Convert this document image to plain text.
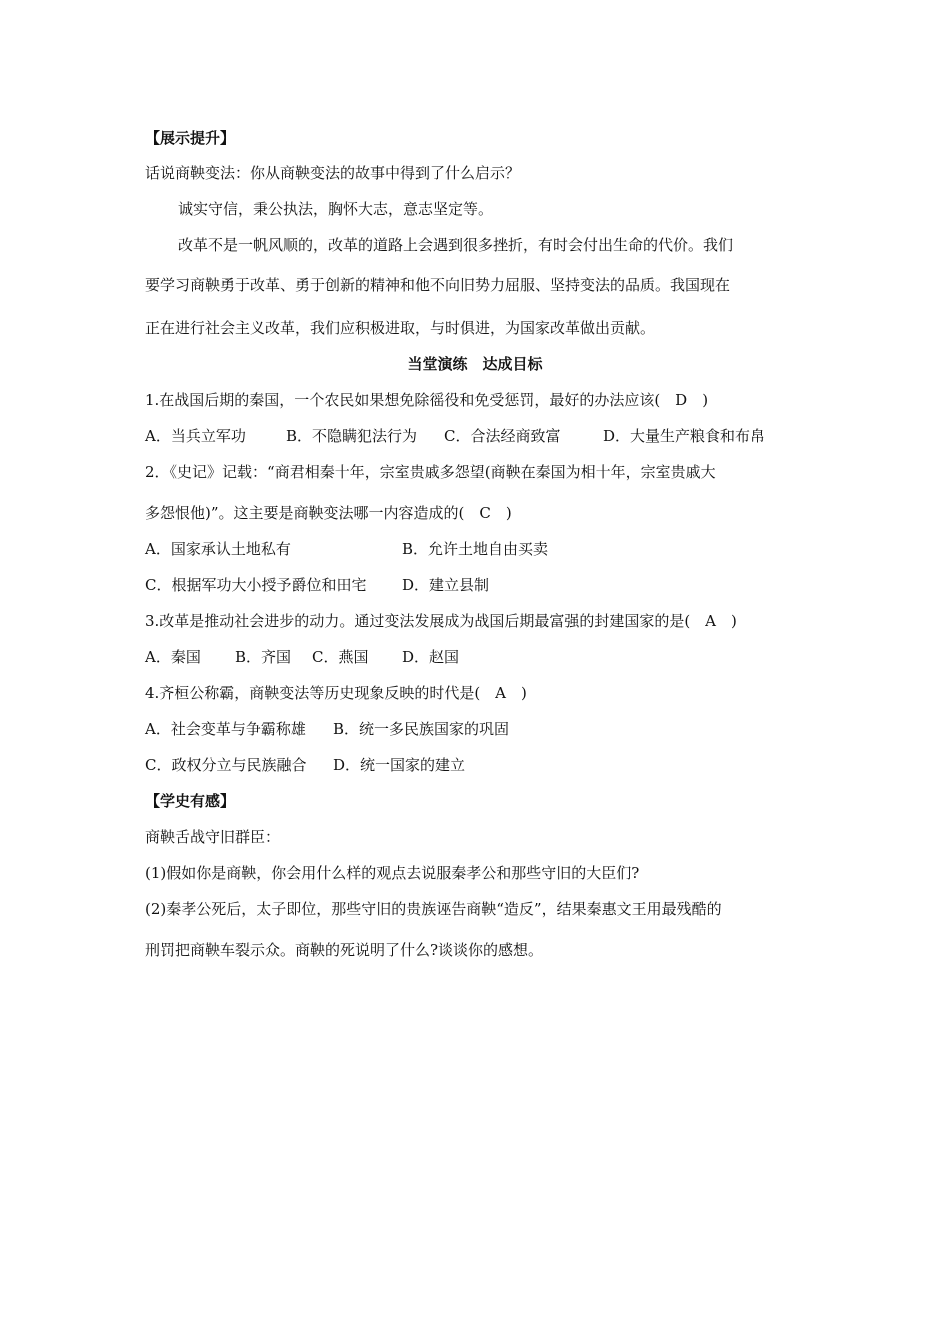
【展示提升】
话说商鞅变法：你从商鞅变法的故事中得到了什么启示？
诚实守信，秉公执法，胸怀大志，意志坚定等。
改革不是一帆风顺的，改革的道路上会遇到很多挫折，有时会付出生命的代价。我们
要学习商鞅勇于改革、勇于创新的精神和他不向旧势力屈服、坚持变法的品质。我国现在
正在进行社会主义改革，我们应积极进取，与时俱进，为国家改革做出贡献。
当堂演练　达成目标
1.在战国后期的秦国，一个农民如果想免除徭役和免受惩罚，最好的办法应该(　D　)
A．当兵立军功	B．不隐瞒犯法行为 C．合法经商致富	D．大量生产粮食和布帛
2．《史记》记载：“商君相秦十年，宗室贵戚多怨望(商鞅在秦国为相十年，宗室贵戚大
多怨恨他)”。这主要是商鞅变法哪一内容造成的(　C　)
A．国家承认土地私有	B．允许土地自由买卖
C．根据军功大小授予爵位和田宅 D．建立县制
3.改革是推动社会进步的动力。通过变法发展成为战国后期最富强的封建国家的是(　A　)
A．秦国 B．齐国 C．燕国 D．赵国
4.齐桓公称霸，商鞅变法等历史现象反映的时代是(　A　)
A．社会变革与争霸称雄 B．统一多民族国家的巩固
C．政权分立与民族融合 D．统一国家的建立
【学史有感】
商鞅舌战守旧群臣：
(1)假如你是商鞅，你会用什么样的观点去说服秦孝公和那些守旧的大臣们?
(2)秦孝公死后，太子即位，那些守旧的贵族诬告商鞅“造反”，结果秦惠文王用最残酷的
刑罚把商鞅车裂示众。商鞅的死说明了什么?谈谈你的感想。
